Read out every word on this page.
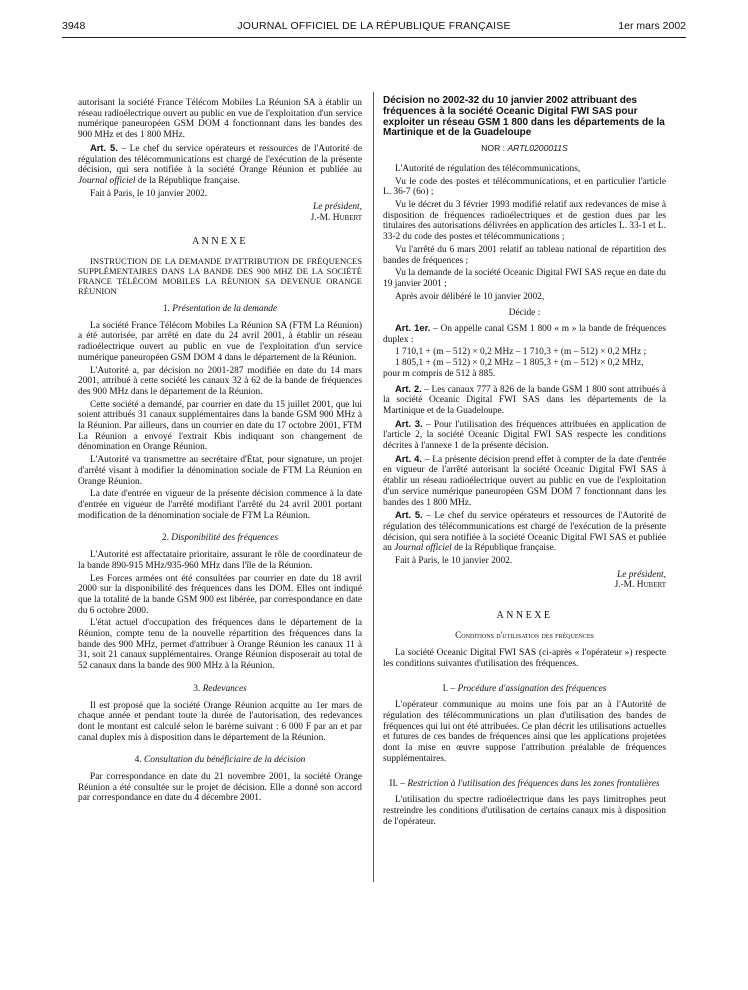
3948	JOURNAL OFFICIEL DE LA RÉPUBLIQUE FRANÇAISE	1er mars 2002

autorisant la société France Télécom Mobiles La Réunion SA à établir un réseau radioélectrique ouvert au public en vue de l'exploitation d'un service numérique paneuropéen GSM DOM 4 fonctionnant dans les bandes des 900 MHz et des 1 800 MHz.

Art. 5. – Le chef du service opérateurs et ressources de l'Autorité de régulation des télécommunications est chargé de l'exécution de la présente décision, qui sera notifiée à la société Orange Réunion et publiée au Journal officiel de la République française.

Fait à Paris, le 10 janvier 2002.

Le président,
J.-M. Hubert
ANNEXE

INSTRUCTION DE LA DEMANDE D'ATTRIBUTION DE FRÉQUENCES SUPPLÉMENTAIRES DANS LA BANDE DES 900 MHZ DE LA SOCIÉTÉ FRANCE TÉLÉCOM MOBILES LA RÉUNION SA DEVENUE ORANGE RÉUNION

1. Présentation de la demande

La société France Télécom Mobiles La Réunion SA (FTM La Réunion) a été autorisée, par arrêté en date du 24 avril 2001, à établir un réseau radioélectrique ouvert au public en vue de l'exploitation d'un service numérique paneuropéen GSM DOM 4 dans le département de la Réunion.

L'Autorité a, par décision no 2001-287 modifiée en date du 14 mars 2001, attribué à cette société les canaux 32 à 62 de la bande de fréquences des 900 MHz dans le département de la Réunion.

Cette société a demandé, par courrier en date du 15 juillet 2001, que lui soient attribués 31 canaux supplémentaires dans la bande GSM 900 MHz à la Réunion. Par ailleurs, dans un courrier en date du 17 octobre 2001, FTM La Réunion a envoyé l'extrait Kbis indiquant son changement de dénomination en Orange Réunion.

L'Autorité va transmettre au secrétaire d'État, pour signature, un projet d'arrêté visant à modifier la dénomination sociale de FTM La Réunion en Orange Réunion.

La date d'entrée en vigueur de la présente décision commence à la date d'entrée en vigueur de l'arrêté modifiant l'arrêté du 24 avril 2001 portant modification de la dénomination sociale de FTM La Réunion.

2. Disponibilité des fréquences

L'Autorité est affectataire prioritaire, assurant le rôle de coordinateur de la bande 890-915 MHz/935-960 MHz dans l'île de la Réunion.

Les Forces armées ont été consultées par courrier en date du 18 avril 2000 sur la disponibilité des fréquences dans les DOM. Elles ont indiqué que la totalité de la bande GSM 900 est libérée, par correspondance en date du 6 octobre 2000.

L'état actuel d'occupation des fréquences dans le département de la Réunion, compte tenu de la nouvelle répartition des fréquences dans la bande des 900 MHz, permet d'attribuer à Orange Réunion les canaux 11 à 31, soit 21 canaux supplémentaires. Orange Réunion disposerait au total de 52 canaux dans la bande des 900 MHz à la Réunion.

3. Redevances

Il est proposé que la société Orange Réunion acquitte au 1er mars de chaque année et pendant toute la durée de l'autorisation, des redevances dont le montant est calculé selon le barème suivant : 6 000 F par an et par canal duplex mis à disposition dans le département de la Réunion.

4. Consultation du bénéficiaire de la décision

Par correspondance en date du 21 novembre 2001, la société Orange Réunion a été consultée sur le projet de décision. Elle a donné son accord par correspondance en date du 4 décembre 2001.

Décision no 2002-32 du 10 janvier 2002 attribuant des fréquences à la société Oceanic Digital FWI SAS pour exploiter un réseau GSM 1 800 dans les départements de la Martinique et de la Guadeloupe
NOR : ARTL0200011S

L'Autorité de régulation des télécommunications,

Vu le code des postes et télécommunications, et en particulier l'article L. 36-7 (6o) ;

Vu le décret du 3 février 1993 modifié relatif aux redevances de mise à disposition de fréquences radioélectriques et de gestion dues par les titulaires des autorisations délivrées en application des articles L. 33-1 et L. 33-2 du code des postes et télécommunications ;

Vu l'arrêté du 6 mars 2001 relatif au tableau national de répartition des bandes de fréquences ;

Vu la demande de la société Oceanic Digital FWI SAS reçue en date du 19 janvier 2001 ;

Après avoir délibéré le 10 janvier 2002,

Décide :

Art. 1er. – On appelle canal GSM 1 800 « m » la bande de fréquences duplex :

1 710,1 + (m – 512) × 0,2 MHz – 1 710,3 + (m – 512) × 0,2 MHz ;

1 805,1 + (m – 512) × 0,2 MHz – 1 805,3 + (m – 512) × 0,2 MHz,

pour m compris de 512 à 885.

Art. 2. – Les canaux 777 à 826 de la bande GSM 1 800 sont attribués à la société Oceanic Digital FWI SAS dans les départements de la Martinique et de la Guadeloupe.

Art. 3. – Pour l'utilisation des fréquences attribuées en application de l'article 2, la société Oceanic Digital FWI SAS respecte les conditions décrites à l'annexe 1 de la présente décision.

Art. 4. – La présente décision prend effet à compter de la date d'entrée en vigueur de l'arrêté autorisant la société Oceanic Digital FWI SAS à établir un réseau radioélectrique ouvert au public en vue de l'exploitation d'un service numérique paneuropéen GSM DOM 7 fonctionnant dans les bandes des 1 800 MHz.

Art. 5. – Le chef du service opérateurs et ressources de l'Autorité de régulation des télécommunications est chargé de l'exécution de la présente décision, qui sera notifiée à la société Oceanic Digital FWI SAS et publiée au Journal officiel de la République française.

Fait à Paris, le 10 janvier 2002.

Le président,
J.-M. Hubert
ANNEXE
Conditions d'utilisation des fréquences

La société Oceanic Digital FWI SAS (ci-après « l'opérateur ») respecte les conditions suivantes d'utilisation des fréquences.

I. – Procédure d'assignation des fréquences

L'opérateur communique au moins une fois par an à l'Autorité de régulation des télécommunications un plan d'utilisation des bandes de fréquences qui lui ont été attribuées. Ce plan décrit les utilisations actuelles et futures de ces bandes de fréquences ainsi que les applications projetées dont la mise en œuvre suppose l'attribution préalable de fréquences supplémentaires.

II. – Restriction à l'utilisation des fréquences dans les zones frontalières

L'utilisation du spectre radioélectrique dans les pays limitrophes peut restreindre les conditions d'utilisation de certains canaux mis à disposition de l'opérateur.
